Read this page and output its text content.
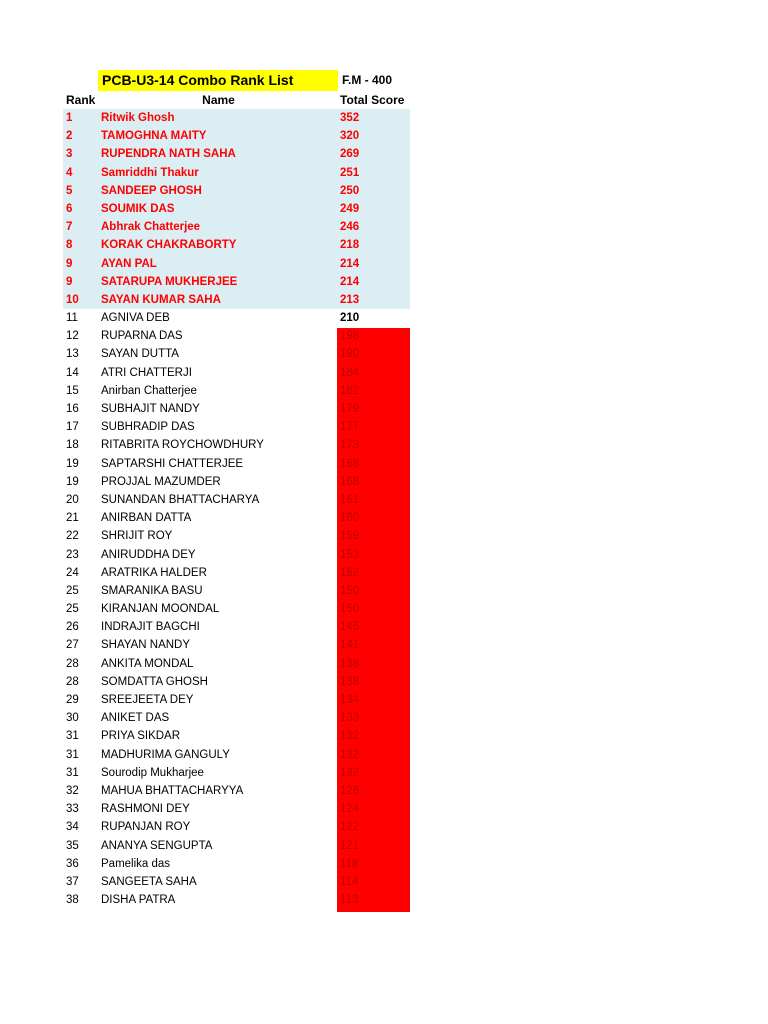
PCB-U3-14 Combo Rank List	F.M - 400
Rank	Name	Total Score
1 Ritwik Ghosh	352
2 TAMOGHNA MAITY	320
3 RUPENDRA NATH SAHA	269
4 Samriddhi Thakur	251
5 SANDEEP GHOSH	250
6 SOUMIK DAS	249
7 Abhrak Chatterjee	246
8 KORAK CHAKRABORTY	218
9 AYAN PAL	214
9 SATARUPA MUKHERJEE	214
10 SAYAN KUMAR SAHA	213
11 AGNIVA DEB	210
12 RUPARNA DAS	198
13 SAYAN DUTTA	190
14 ATRI CHATTERJI	184
15 Anirban Chatterjee	182
16 SUBHAJIT NANDY	179
17 SUBHRADIP DAS	177
18 RITABRITA ROYCHOWDHURY	173
19 SAPTARSHI CHATTERJEE	168
19 PROJJAL MAZUMDER	168
20 SUNANDAN BHATTACHARYA	161
21 ANIRBAN DATTA	160
22 SHRIJIT ROY	159
23 ANIRUDDHA DEY	153
24 ARATRIKA HALDER	152
25 SMARANIKA BASU	150
25 KIRANJAN MOONDAL	150
26 INDRAJIT BAGCHI	145
27 SHAYAN NANDY	141
28 ANKITA MONDAL	138
28 SOMDATTA GHOSH	138
29 SREEJEETA DEY	134
30 ANIKET DAS	133
31 PRIYA SIKDAR	132
31 MADHURIMA GANGULY	132
31 Sourodip Mukharjee	132
32 MAHUA BHATTACHARYYA	126
33 RASHMONI DEY	124
34 RUPANJAN ROY	122
35 ANANYA SENGUPTA	121
36 Pamelika das	118
37 SANGEETA SAHA	114
38 DISHA PATRA	113
